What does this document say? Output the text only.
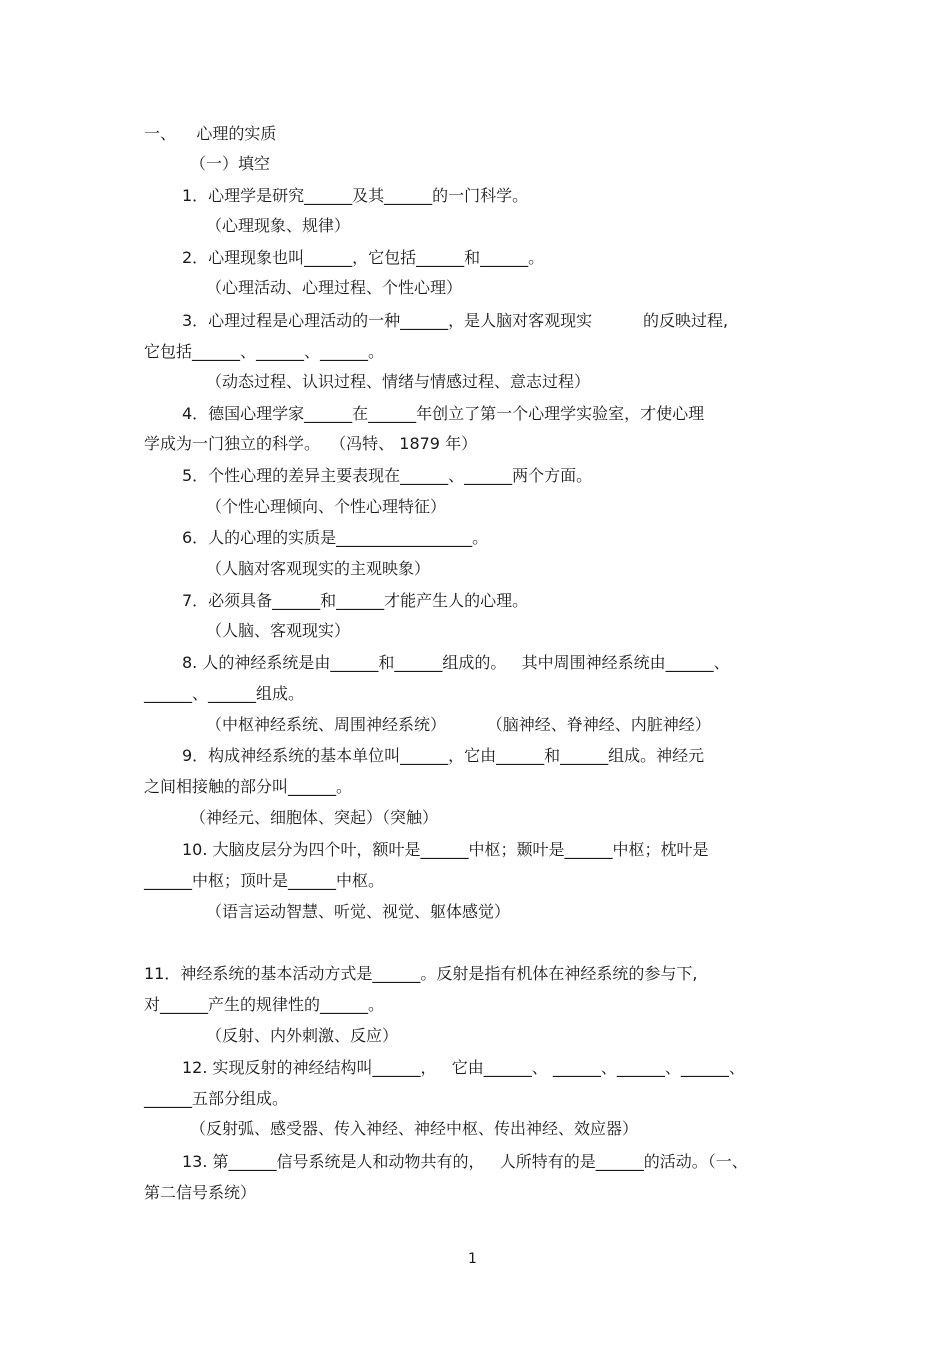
一、    心理的实质
（一）填空
1．心理学是研究______及其______的一门科学。
（心理现象、规律）
2．心理现象也叫______，它包括______和______。
（心理活动、心理过程、个性心理）
3．心理过程是心理活动的一种______，是人脑对客观现实          的反映过程,
它包括______、______、______。
（动态过程、认识过程、情绪与情感过程、意志过程）
4．德国心理学家______在______年创立了第一个心理学实验室，才使心理
学成为一门独立的科学。  （冯特、 1879 年）
5．个性心理的差异主要表现在______、______两个方面。
（个性心理倾向、个性心理特征）
6．人的心理的实质是_________________。
（人脑对客观现实的主观映象）
7．必须具备______和______才能产生人的心理。
（人脑、客观现实）
8. 人的神经系统是由______和______组成的。   其中周围神经系统由______、
______、______组成。
（中枢神经系统、周围神经系统）        （脑神经、脊神经、内脏神经）
9．构成神经系统的基本单位叫______，它由______和______组成。神经元
之间相接触的部分叫______。
（神经元、细胞体、突起）（突触）
10. 大脑皮层分为四个叶，额叶是______中枢；颞叶是______中枢；枕叶是
______中枢；顶叶是______中枢。
（语言运动智慧、听觉、视觉、躯体感觉）
11．神经系统的基本活动方式是______。反射是指有机体在神经系统的参与下,
对______产生的规律性的______。
（反射、内外刺激、反应）
12. 实现反射的神经结构叫______，   它由______、 ______、______、______、
______五部分组成。
（反射弧、感受器、传入神经、神经中枢、传出神经、效应器）
13. 第______信号系统是人和动物共有的，   人所特有的是______的活动。（一、
第二信号系统）
1
